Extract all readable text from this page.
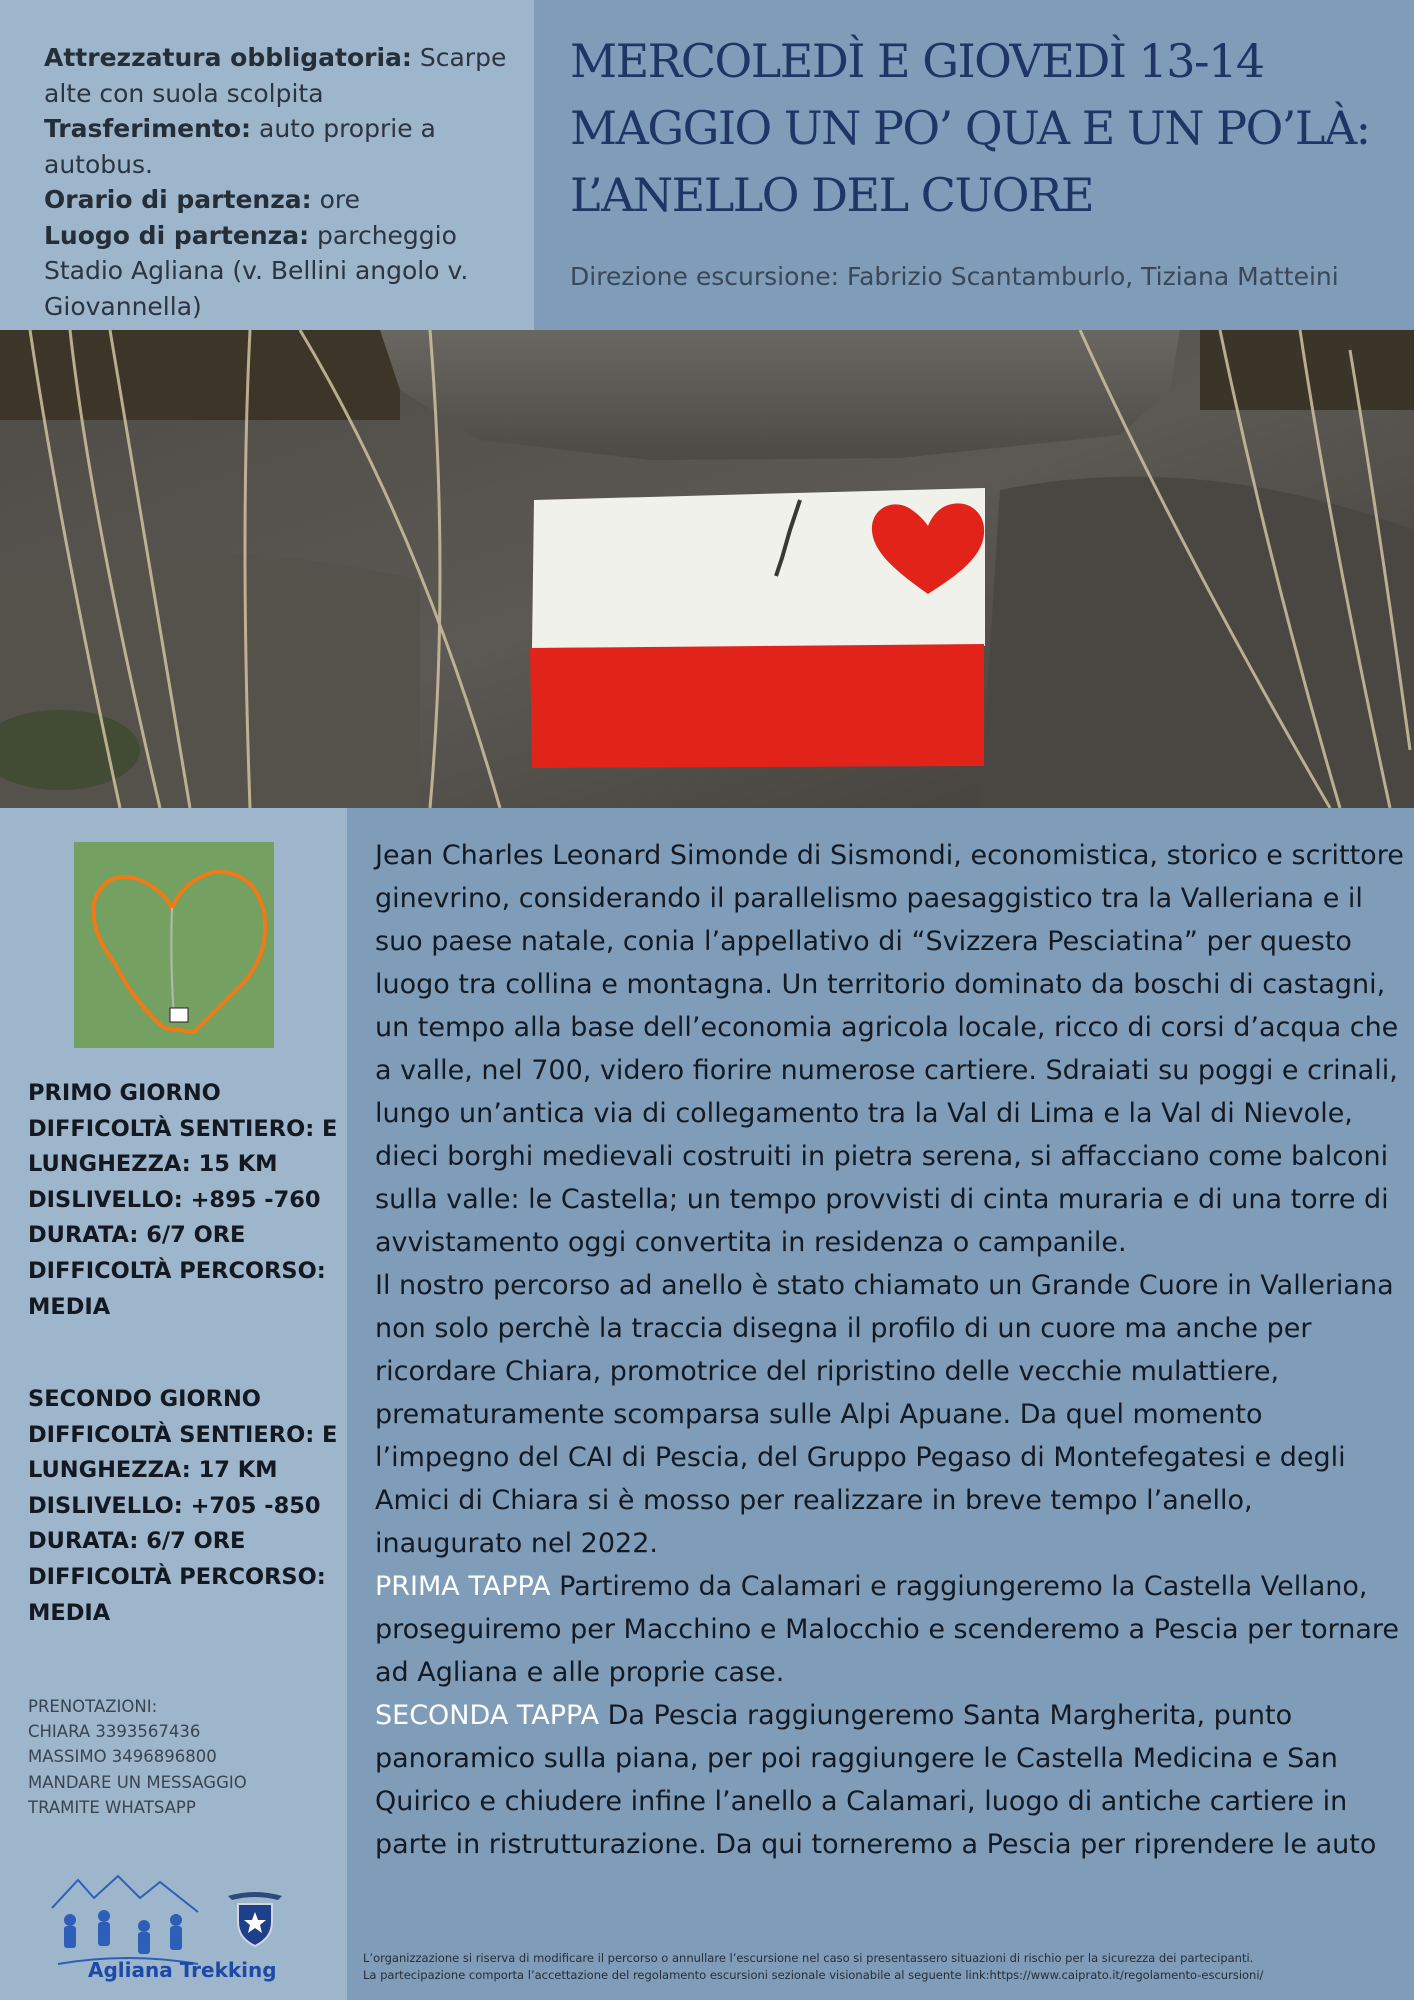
Attrezzatura obbligatoria: Scarpe alte con suola scolpita
Trasferimento: auto proprie a autobus.
Orario di partenza: ore
Luogo di partenza: parcheggio Stadio Agliana (v. Bellini angolo v. Giovannella)
MERCOLEDÌ E GIOVEDÌ 13-14 MAGGIO UN PO’ QUA E UN PO’LÀ: L’ANELLO DEL CUORE
Direzione escursione: Fabrizio Scantamburlo, Tiziana Matteini
PRIMO GIORNO
DIFFICOLTÀ SENTIERO: E
LUNGHEZZA: 15 KM
DISLIVELLO: +895 -760
DURATA: 6/7 ORE
DIFFICOLTÀ PERCORSO: MEDIA
SECONDO GIORNO
DIFFICOLTÀ SENTIERO: E
LUNGHEZZA: 17 KM
DISLIVELLO: +705 -850
DURATA: 6/7 ORE
DIFFICOLTÀ PERCORSO: MEDIA
PRENOTAZIONI:
CHIARA 3393567436
MASSIMO 3496896800
MANDARE UN MESSAGGIO
TRAMITE WHATSAPP
Agliana Trekking
Jean Charles Leonard Simonde di Sismondi, economistica, storico e scrittore ginevrino, considerando il parallelismo paesaggistico tra la Valleriana e il suo paese natale, conia l’appellativo di “Svizzera Pesciatina” per questo luogo tra collina e montagna. Un territorio dominato da boschi di castagni, un tempo alla base dell’economia agricola locale, ricco di corsi d’acqua che a valle, nel 700, videro fiorire numerose cartiere. Sdraiati su poggi e crinali, lungo un’antica via di collegamento tra la Val di Lima e la Val di Nievole, dieci borghi medievali costruiti in pietra serena, si affacciano come balconi sulla valle: le Castella; un tempo provvisti di cinta muraria e di una torre di avvistamento oggi convertita in residenza o campanile.
Il nostro percorso ad anello è stato chiamato un Grande Cuore in Valleriana non solo perchè la traccia disegna il profilo di un cuore ma anche per ricordare Chiara, promotrice del ripristino delle vecchie mulattiere, prematuramente scomparsa sulle Alpi Apuane. Da quel momento l’impegno del CAI di Pescia, del Gruppo Pegaso di Montefegatesi e degli Amici di Chiara si è mosso per realizzare in breve tempo l’anello, inaugurato nel 2022.
PRIMA TAPPA Partiremo da Calamari e raggiungeremo la Castella Vellano, proseguiremo per Macchino e Malocchio e scenderemo a Pescia per tornare ad Agliana e alle proprie case.
SECONDA TAPPA Da Pescia raggiungeremo Santa Margherita, punto panoramico sulla piana, per poi raggiungere le Castella Medicina e San Quirico e chiudere infine l’anello a Calamari, luogo di antiche cartiere in parte in ristrutturazione. Da qui torneremo a Pescia per riprendere le auto
L’organizzazione si riserva di modificare il percorso o annullare l’escursione nel caso si presentassero situazioni di rischio per la sicurezza dei partecipanti.
La partecipazione comporta l’accettazione del regolamento escursioni sezionale visionabile al seguente link:https://www.caiprato.it/regolamento-escursioni/
